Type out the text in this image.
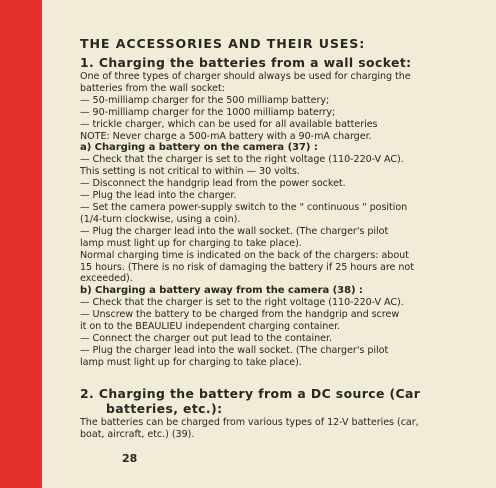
THE ACCESSORIES AND THEIR USES:

1. Charging the batteries from a wall socket:

One of three types of charger should always be used for charging the

batteries from the wall socket:

— 50-milliamp charger for the 500 milliamp battery;

— 90-milliamp charger for the 1000 milliamp baterry;

— trickle charger, which can be used for all available batteries

NOTE: Never charge a 500-mA battery with a 90-mA charger.

a) Charging a battery on the camera (37) :

— Check that the charger is set to the right voltage (110-220-V AC).

This setting is not critical to within — 30 volts.

— Disconnect the handgrip lead from the power socket.

— Plug the lead into the charger.

— Set the camera power-supply switch to the " continuous " position

(1/4-turn clockwise, using a coin).

— Plug the charger lead into the wall socket. (The charger's pilot

lamp must light up for charging to take place).

Normal charging time is indicated on the back of the chargers: about

15 hours. (There is no risk of damaging the battery if 25 hours are not

exceeded).

b) Charging a battery away from the camera (38) :

— Check that the charger is set to the right voltage (110-220-V AC).

— Unscrew the battery to be charged from the handgrip and screw

it on to the BEAULIEU independent charging container.

— Connect the charger out put lead to the container.

— Plug the charger lead into the wall socket. (The charger's pilot

lamp must light up for charging to take place).

2. Charging the battery from a DC source (Car

batteries, etc.):

The batteries can be charged from various types of 12-V batteries (car,

boat, aircraft, etc.) (39).

28
